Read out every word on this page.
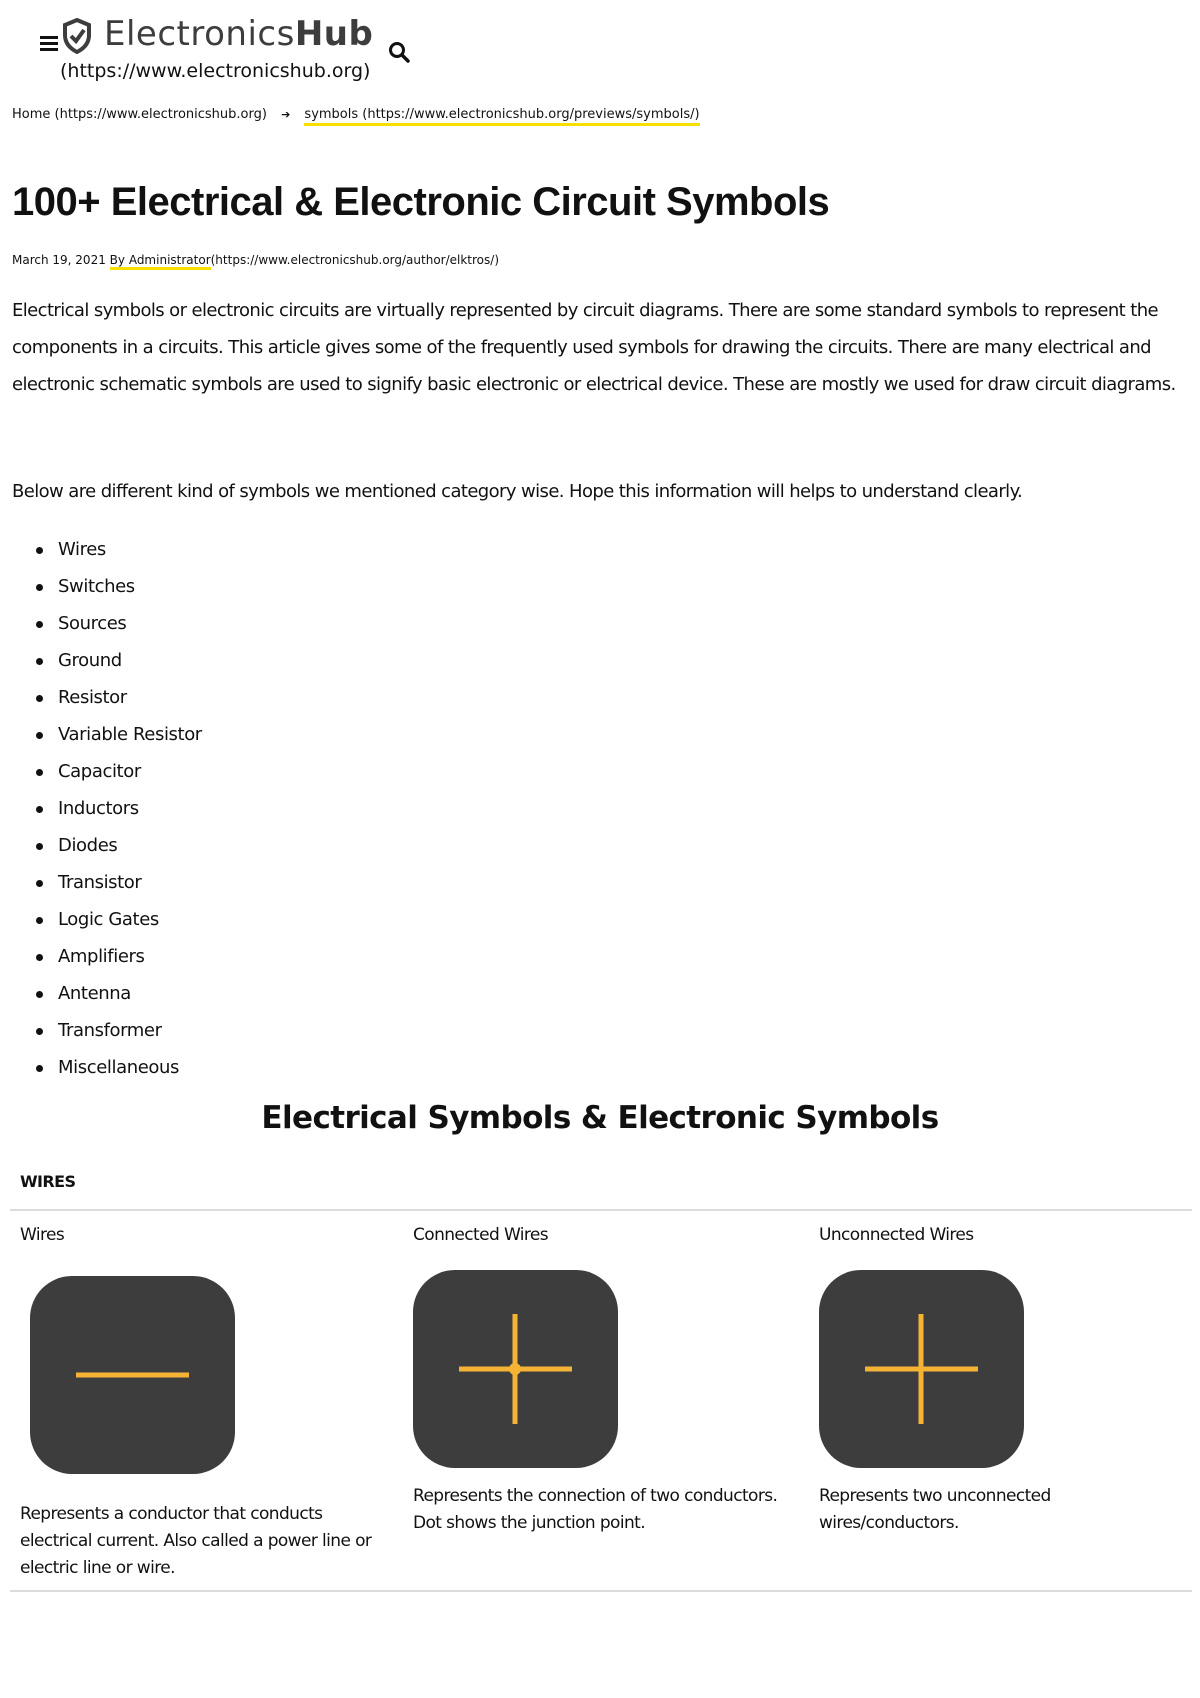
ElectronicsHub
(https://www.electronicshub.org)
Home (https://www.electronicshub.org) ➔ symbols (https://www.electronicshub.org/previews/symbols/)
100+ Electrical & Electronic Circuit Symbols
March 19, 2021 By Administrator(https://www.electronicshub.org/author/elktros/)

Electrical symbols or electronic circuits are virtually represented by circuit diagrams. There are some standard symbols to represent the components in a circuits. This article gives some of the frequently used symbols for drawing the circuits. There are many electrical and electronic schematic symbols are used to signify basic electronic or electrical device. These are mostly we used for draw circuit diagrams.

Below are different kind of symbols we mentioned category wise. Hope this information will helps to understand clearly.

Wires
Switches
Sources
Ground
Resistor
Variable Resistor
Capacitor
Inductors
Diodes
Transistor
Logic Gates
Amplifiers
Antenna
Transformer
Miscellaneous
Electrical Symbols & Electronic Symbols
WIRES
Wires
Represents a conductor that conducts electrical current. Also called a power line or electric line or wire.
Connected Wires
Represents the connection of two conductors. Dot shows the junction point.
Unconnected Wires
Represents two unconnected wires/conductors.
